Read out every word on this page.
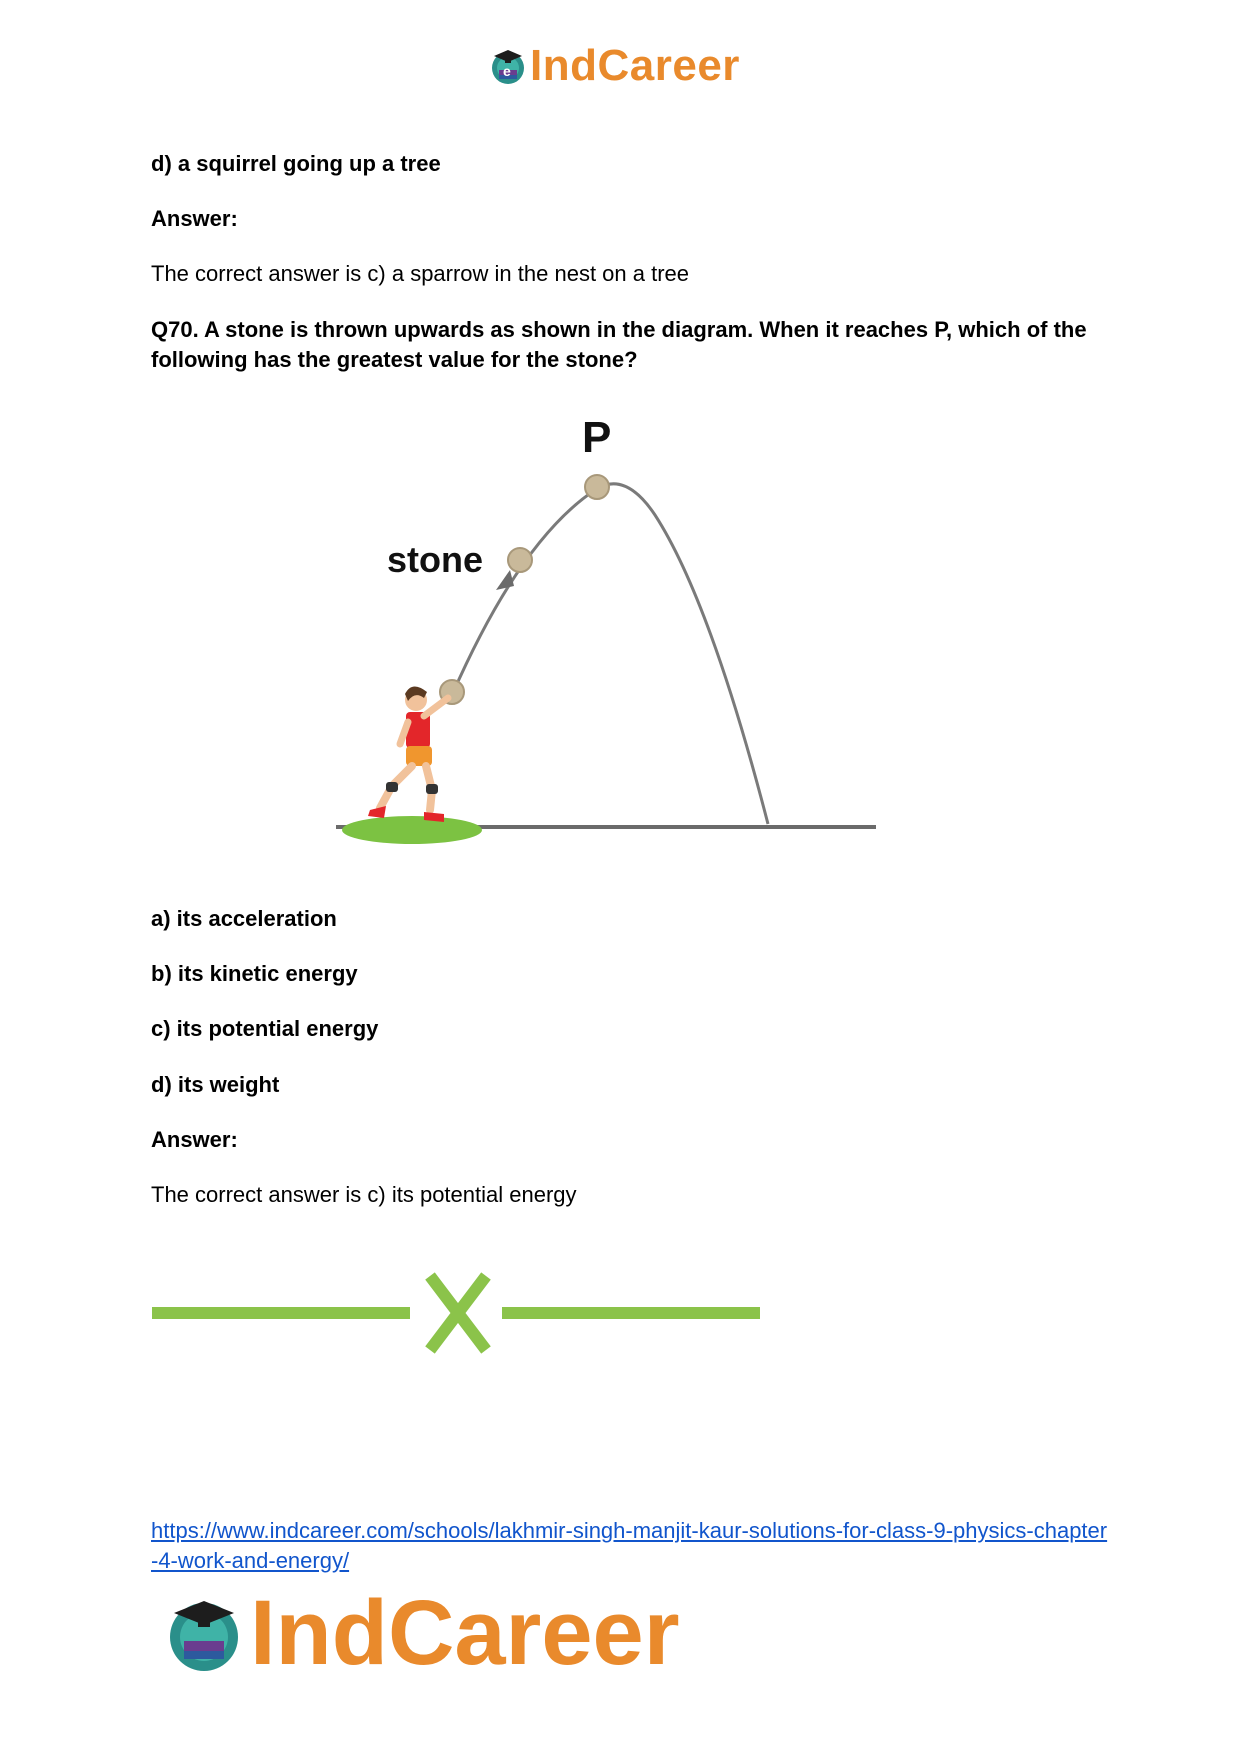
e IndCareer

d) a squirrel going up a tree

Answer:

The correct answer is c) a sparrow in the nest on a tree

Q70. A stone is thrown upwards as shown in the diagram. When it reaches P, which of the following has the greatest value for the stone?

P
stone

a) its acceleration

b) its kinetic energy

c) its potential energy

d) its weight

Answer:

The correct answer is c) its potential energy

https://www.indcareer.com/schools/lakhmir-singh-manjit-kaur-solutions-for-class-9-physics-chapter-4-work-and-energy/
IndCareer
